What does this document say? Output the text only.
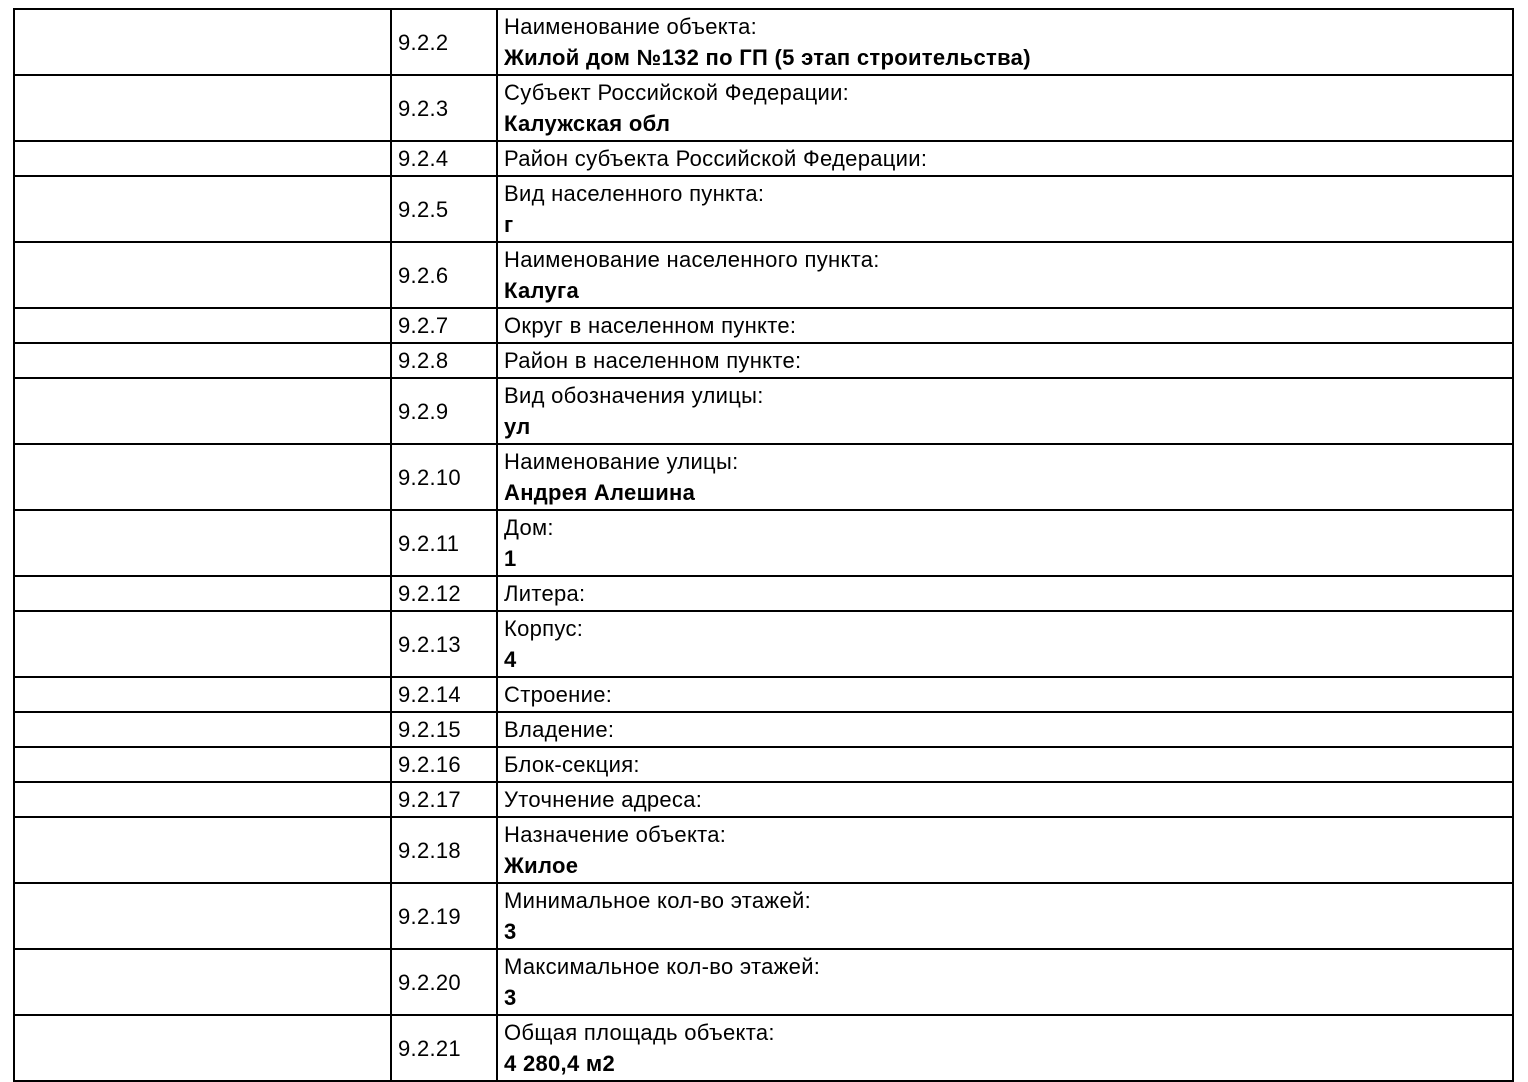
	9.2.2	Наименование объекта:
Жилой дом №132 по ГП (5 этап строительства)

	9.2.3	Субъект Российской Федерации:
Калужская обл

	9.2.4	Район субъекта Российской Федерации:

	9.2.5	Вид населенного пункта:
г

	9.2.6	Наименование населенного пункта:
Калуга

	9.2.7	Округ в населенном пункте:

	9.2.8	Район в населенном пункте:

	9.2.9	Вид обозначения улицы:
ул

	9.2.10	Наименование улицы:
Андрея Алешина

	9.2.11	Дом:
1

	9.2.12	Литера:

	9.2.13	Корпус:
4

	9.2.14	Строение:

	9.2.15	Владение:

	9.2.16	Блок-секция:

	9.2.17	Уточнение адреса:

	9.2.18	Назначение объекта:
Жилое

	9.2.19	Минимальное кол-во этажей:
3

	9.2.20	Максимальное кол-во этажей:
3

	9.2.21	Общая площадь объекта:
4 280,4 м2
